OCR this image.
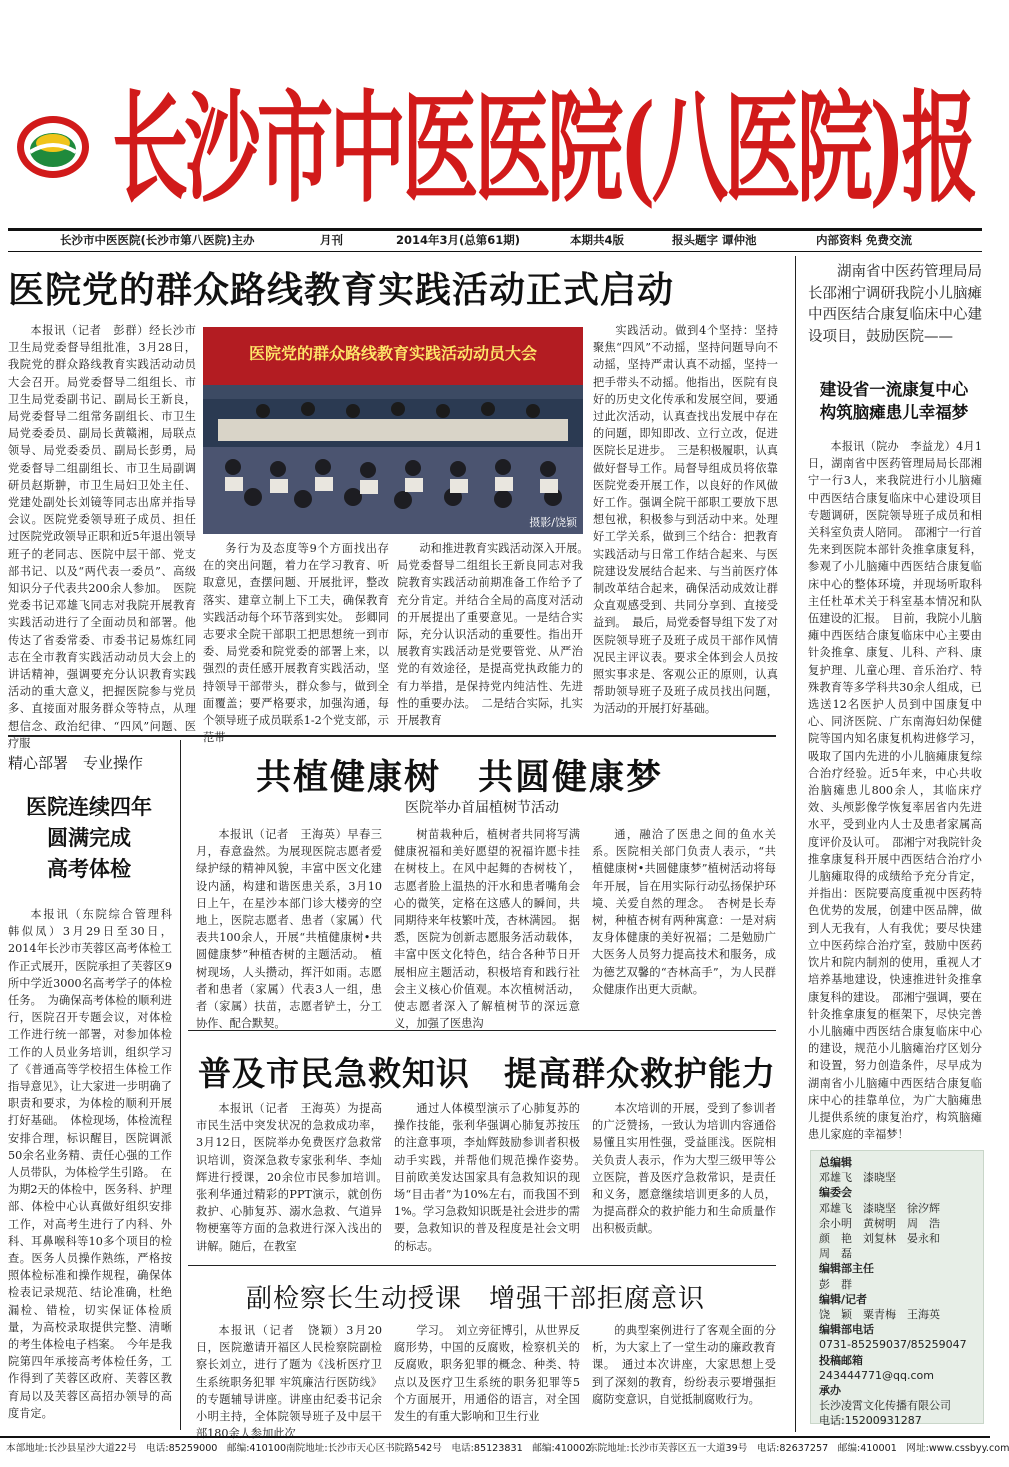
长沙市中医医院(八医院)报
长沙市中医医院(长沙市第八医院)主办	月刊	2014年3月(总第61期)	本期共4版	报头题字 谭仲池	内部资料 免费交流
医院党的群众路线教育实践活动正式启动

本报讯（记者　彭群）经长沙市卫生局党委督导组批准，3月28日，我院党的群众路线教育实践活动动员大会召开。局党委督导二组组长、市卫生局党委副书记、副局长王新良，局党委督导二组常务副组长、市卫生局党委委员、副局长黄赣湘，局联点领导、局党委委员、副局长彭勇，局党委督导二组副组长、市卫生局副调研员赵斯翀，市卫生局妇卫处主任、党建处副处长刘镜等同志出席并指导会议。医院党委领导班子成员、担任过医院党政领导正职和近5年退出领导班子的老同志、医院中层干部、党支部书记、以及“两代表一委员”、高级知识分子代表共200余人参加。　医院党委书记邓雄飞同志对我院开展教育实践活动进行了全面动员和部署。他传达了省委常委、市委书记易炼红同志在全市教育实践活动动员大会上的讲话精神，强调要充分认识教育实践活动的重大意义，把握医院参与党员多、直接面对服务群众等特点，从理想信念、政治纪律、“四风”问题、医疗服

医院党的群众路线教育实践活动动员大会
摄影/饶颖

务行为及态度等9个方面找出存在的突出问题，着力在学习教育、听取意见，查摆问题、开展批评，整改落实、建章立制上下工夫，确保教育实践活动每个环节落到实处。　彭卿同志要求全院干部职工把思想统一到市委、局党委和院党委的部署上来，以强烈的责任感开展教育实践活动，坚持领导干部带头，群众参与，做到全面覆盖；要严格要求，加强沟通，每个领导班子成员联系1-2个党支部，示范带

动和推进教育实践活动深入开展。　局党委督导二组组长王新良同志对我院教育实践活动前期准备工作给予了充分肯定。并结合全局的高度对活动的开展提出了重要意见。一是结合实际，充分认识活动的重要性。指出开展教育实践活动是党要管党、从严治党的有效途径，是提高党执政能力的有力举措，是保持党内纯洁性、先进性的重要办法。　二是结合实际，扎实开展教育

实践活动。做到4个坚持：坚持聚焦“四风”不动摇，坚持问题导向不动摇，坚持严肃认真不动摇，坚持一把手带头不动摇。他指出，医院有良好的历史文化传承和发展空间，要通过此次活动，认真查找出发展中存在的问题，即知即改、立行立改，促进医院长足进步。　三是积极履职，认真做好督导工作。局督导组成员将依靠医院党委开展工作，以良好的作风做好工作。强调全院干部职工要放下思想包袱，积极参与到活动中来。处理好工学关系，做到三个结合：把教育实践活动与日常工作结合起来、与医院建设发展结合起来、与当前医疗体制改革结合起来，确保活动成效让群众直观感受到、共同分享到、直接受益到。　最后，局党委督导组下发了对医院领导班子及班子成员干部作风情况民主评议表。要求全体到会人员按照实事求是、客观公正的原则，认真帮助领导班子及班子成员找出问题，为活动的开展打好基础。

湖南省中医药管理局局长邵湘宁调研我院小儿脑瘫中西医结合康复临床中心建设项目，鼓励医院——
建设省一流康复中心
构筑脑瘫患儿幸福梦

本报讯（院办　李益龙）4月1日，湖南省中医药管理局局长邵湘宁一行3人，来我院进行小儿脑瘫中西医结合康复临床中心建设项目专题调研，医院领导班子成员和相关科室负责人陪同。　邵湘宁一行首先来到医院本部针灸推拿康复科，参观了小儿脑瘫中西医结合康复临床中心的整体环境，并现场听取科主任杜革术关于科室基本情况和队伍建设的汇报。　目前，我院小儿脑瘫中西医结合康复临床中心主要由针灸推拿、康复、儿科、产科、康复护理、儿童心理、音乐治疗、特殊教育等多学科共30余人组成，已选送12名医护人员到中国康复中心、同济医院、广东南海妇幼保健院等国内知名康复机构进修学习，吸取了国内先进的小儿脑瘫康复综合治疗经验。近5年来，中心共收治脑瘫患儿800余人，其临床疗效、头颅影像学恢复率居省内先进水平，受到业内人士及患者家属高度评价及认可。　邵湘宁对我院针灸推拿康复科开展中西医结合治疗小儿脑瘫取得的成绩给予充分肯定，并指出：医院要高度重视中医药特色优势的发展，创建中医品牌，做到人无我有，人有我优；要尽快建立中医药综合治疗室，鼓励中医药饮片和院内制剂的使用，重视人才培养基地建设，快速推进针灸推拿康复科的建设。　邵湘宁强调，要在针灸推拿康复的框架下，尽快完善小儿脑瘫中西医结合康复临床中心的建设，规范小儿脑瘫治疗区划分和设置，努力创造条件，尽早成为湖南省小儿脑瘫中西医结合康复临床中心的挂靠单位，为广大脑瘫患儿提供系统的康复治疗，构筑脑瘫患儿家庭的幸福梦！

总编辑
邓雄飞　漆晓坚
编委会
邓雄飞　漆晓坚　徐汐辉
余小明　黄树明　周　浩
颜　艳　刘复林　晏永和
周　磊
编辑部主任
彭　群
编辑/记者
饶　颖　粟青梅　王海英
编辑部电话
0731-85259037/85259047
投稿邮箱
243444771@qq.com
承办
长沙凌霄文化传播有限公司
电话:15200931287
精心部署　专业操作
医院连续四年
圆满完成
高考体检

本报讯（东院综合管理科　韩似凤）3月29日至30日，2014年长沙市芙蓉区高考体检工作正式展开，医院承担了芙蓉区9所中学近3000名高考学子的体检任务。　为确保高考体检的顺利进行，医院召开专题会议，对体检工作进行统一部署，对参加体检工作的人员业务培训，组织学习了《普通高等学校招生体检工作指导意见》，让大家进一步明确了职责和要求，为体检的顺利开展打好基础。　体检现场，体检流程安排合理，标识醒目，医院调派50余名业务精、责任心强的工作人员带队，为体检学生引路。　在为期2天的体检中，医务科、护理部、体检中心认真做好组织安排工作，对高考生进行了内科、外科、耳鼻喉科等10多个项目的检查。医务人员操作熟练，严格按照体检标准和操作规程，确保体检表记录规范、结论准确，杜绝漏检、错检，切实保证体检质量，为高校录取提供完整、清晰的考生体检电子档案。　今年是我院第四年承接高考体检任务，工作得到了芙蓉区政府、芙蓉区教育局以及芙蓉区高招办领导的高度肯定。

共植健康树　共圆健康梦
医院举办首届植树节活动

本报讯（记者　王海英）早春三月，春意盎然。为展现医院志愿者爱绿护绿的精神风貌，丰富中医文化建设内涵，构建和谐医患关系，3月10日上午，在星沙本部门诊大楼旁的空地上，医院志愿者、患者（家属）代表共100余人，开展“共植健康树•共圆健康梦”种植杏树的主题活动。　植树现场，人头攒动，挥汗如雨。志愿者和患者（家属）代表3人一组，患者（家属）扶苗，志愿者铲土，分工协作、配合默契。

树苗栽种后，植树者共同将写满健康祝福和美好愿望的祝福许愿卡挂在树枝上。在风中起舞的杏树枝丫，志愿者脸上温热的汗水和患者嘴角会心的微笑，定格在这感人的瞬间，共同期待来年枝繁叶茂，杏林满园。　据悉，医院为创新志愿服务活动载体，丰富中医文化特色，结合各种节日开展相应主题活动，积极培育和践行社会主义核心价值观。本次植树活动，使志愿者深入了解植树节的深远意义，加强了医患沟

通，融洽了医患之间的鱼水关系。医院相关部门负责人表示，“共植健康树•共圆健康梦”植树活动将每年开展，旨在用实际行动弘扬保护环境、关爱自然的理念。　杏树是长寿树，种植杏树有两种寓意：一是对病友身体健康的美好祝福；二是勉励广大医务人员努力提高技术和服务，成为德艺双馨的“杏林高手”，为人民群众健康作出更大贡献。

普及市民急救知识　提高群众救护能力

本报讯（记者　王海英）为提高市民生活中突发状况的急救成功率，3月12日，医院举办免费医疗急救常识培训，资深急救专家张利华、李灿辉进行授课，20余位市民参加培训。　张利华通过精彩的PPT演示，就创伤救护、心肺复苏、溺水急救、气道异物梗塞等方面的急救进行深入浅出的讲解。随后，在教室

通过人体模型演示了心肺复苏的操作技能，张利华强调心肺复苏按压的注意事项，李灿辉鼓励参训者积极动手实践，并帮他们规范操作姿势。　目前欧美发达国家具有急救知识的现场“目击者”为10%左右，而我国不到1%。学习急救知识既是社会进步的需要，急救知识的普及程度是社会文明的标志。

本次培训的开展，受到了参训者的广泛赞扬，一致认为培训内容通俗易懂且实用性强，受益匪浅。医院相关负责人表示，作为大型三级甲等公立医院，普及医疗急救常识，是责任和义务，愿意继续培训更多的人员，为提高群众的救护能力和生命质量作出积极贡献。

副检察长生动授课　增强干部拒腐意识

本报讯（记者　饶颖）3月20日，医院邀请开福区人民检察院副检察长刘立，进行了题为《浅析医疗卫生系统职务犯罪 牢筑廉洁行医防线》的专题辅导讲座。讲座由纪委书记余小明主持，全体院领导班子及中层干部180余人参加此次

学习。　刘立旁征博引，从世界反腐形势，中国的反腐败，检察机关的反腐败，职务犯罪的概念、种类、特点以及医疗卫生系统的职务犯罪等5个方面展开，用通俗的语言，对全国发生的有重大影响和卫生行业

的典型案例进行了客观全面的分析，为大家上了一堂生动的廉政教育课。　通过本次讲座，大家思想上受到了深刻的教育，纷纷表示要增强拒腐防变意识，自觉抵制腐败行为。

本部地址:长沙县星沙大道22号　电话:85259000　邮编:410100 南院地址:长沙市天心区书院路542号　电话:85123831　邮编:410002
东院地址:长沙市芙蓉区五一大道39号　电话:82637257　邮编:410001　网址:www.cssbyy.com
